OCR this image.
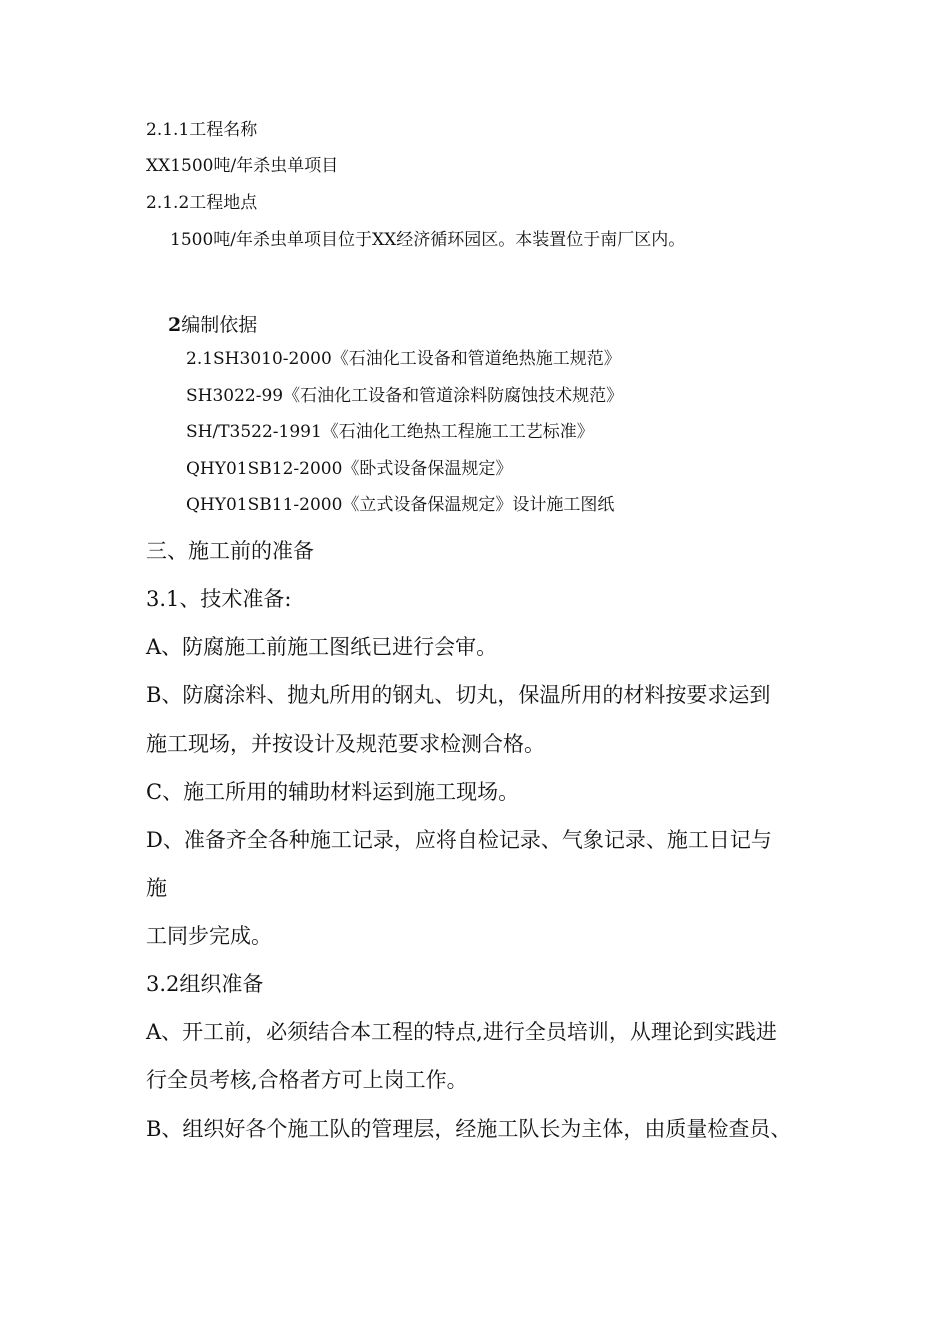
2.1.1工程名称
XX1500吨/年杀虫单项目
2.1.2工程地点
1500吨/年杀虫单项目位于XX经济循环园区。本装置位于南厂区内。
2编制依据
2.1SH3010-2000《石油化工设备和管道绝热施工规范》
SH3022-99《石油化工设备和管道涂料防腐蚀技术规范》
SH/T3522-1991《石油化工绝热工程施工工艺标准》
QHY01SB12-2000《卧式设备保温规定》
QHY01SB11-2000《立式设备保温规定》设计施工图纸
三、施工前的准备
3.1、技术准备:
A、防腐施工前施工图纸已进行会审。
B、防腐涂料、抛丸所用的钢丸、切丸，保温所用的材料按要求运到
施工现场，并按设计及规范要求检测合格。
C、施工所用的辅助材料运到施工现场。
D、准备齐全各种施工记录，应将自检记录、气象记录、施工日记与
施
工同步完成。
3.2组织准备
A、开工前，必须结合本工程的特点,进行全员培训，从理论到实践进
行全员考核,合格者方可上岗工作。
B、组织好各个施工队的管理层，经施工队长为主体，由质量检查员、
